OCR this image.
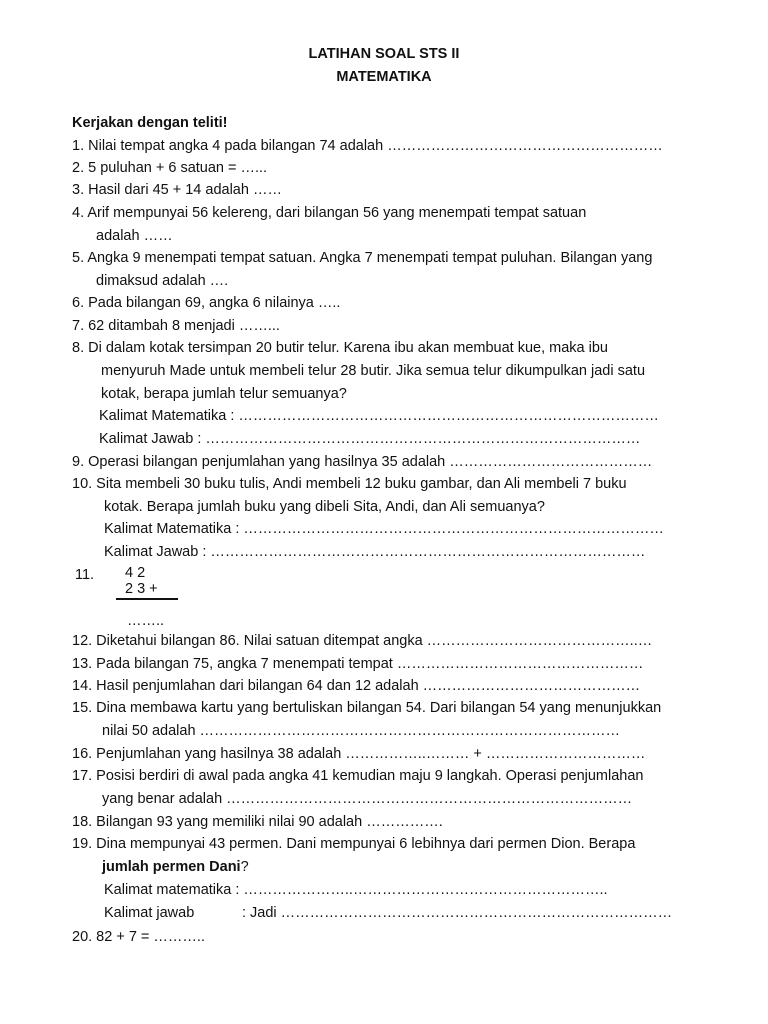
LATIHAN SOAL STS II
MATEMATIKA
Kerjakan dengan teliti!
1. Nilai tempat angka 4 pada bilangan 74 adalah …………………………………………………
2. 5 puluhan + 6 satuan = …...
3. Hasil dari 45 + 14 adalah ……
4. Arif mempunyai 56 kelereng, dari bilangan 56 yang menempati tempat satuan
adalah ……
5. Angka 9 menempati tempat satuan. Angka 7 menempati tempat puluhan. Bilangan yang
dimaksud adalah ….
6. Pada bilangan 69, angka 6 nilainya …..
7. 62 ditambah 8 menjadi ……...
8. Di dalam kotak tersimpan 20 butir telur. Karena ibu akan membuat kue, maka ibu
menyuruh Made untuk membeli telur 28 butir. Jika semua telur dikumpulkan jadi satu
kotak, berapa jumlah telur semuanya?
Kalimat Matematika : ……………………………………………………………………………
Kalimat Jawab : ………………………………………………………………………………
9. Operasi bilangan penjumlahan yang hasilnya 35 adalah ……………………………………
10. Sita membeli 30 buku tulis, Andi membeli 12 buku gambar, dan Ali membeli 7 buku
kotak. Berapa jumlah buku yang dibeli Sita, Andi, dan Ali semuanya?
Kalimat Matematika : ……………………………………………………………………………
Kalimat Jawab : ………………………………………………………………………………
11. 4 2
2 3 +
……..
12. Diketahui bilangan 86. Nilai satuan ditempat angka ……………………………………..…
13. Pada bilangan 75, angka 7 menempati tempat ……………………………………………
14. Hasil penjumlahan dari bilangan 64 dan 12 adalah ………………………………………
15. Dina membawa kartu yang bertuliskan bilangan 54. Dari bilangan 54 yang menunjukkan
nilai 50 adalah ……………………………………………………………………………
16. Penjumlahan yang hasilnya 38 adalah ……………..……… + ……………………………
17. Posisi berdiri di awal pada angka 41 kemudian maju 9 langkah. Operasi penjumlahan
yang benar adalah …………………………………………………………………………
18. Bilangan 93 yang memiliki nilai 90 adalah …………….
19. Dina mempunyai 43 permen. Dani mempunyai 6 lebihnya dari permen Dion. Berapa
jumlah permen Dani?
Kalimat matematika : …………………..……………………………………………..
Kalimat jawab	: Jadi ………………………………………………………………………
20. 82 + 7 = ………..
